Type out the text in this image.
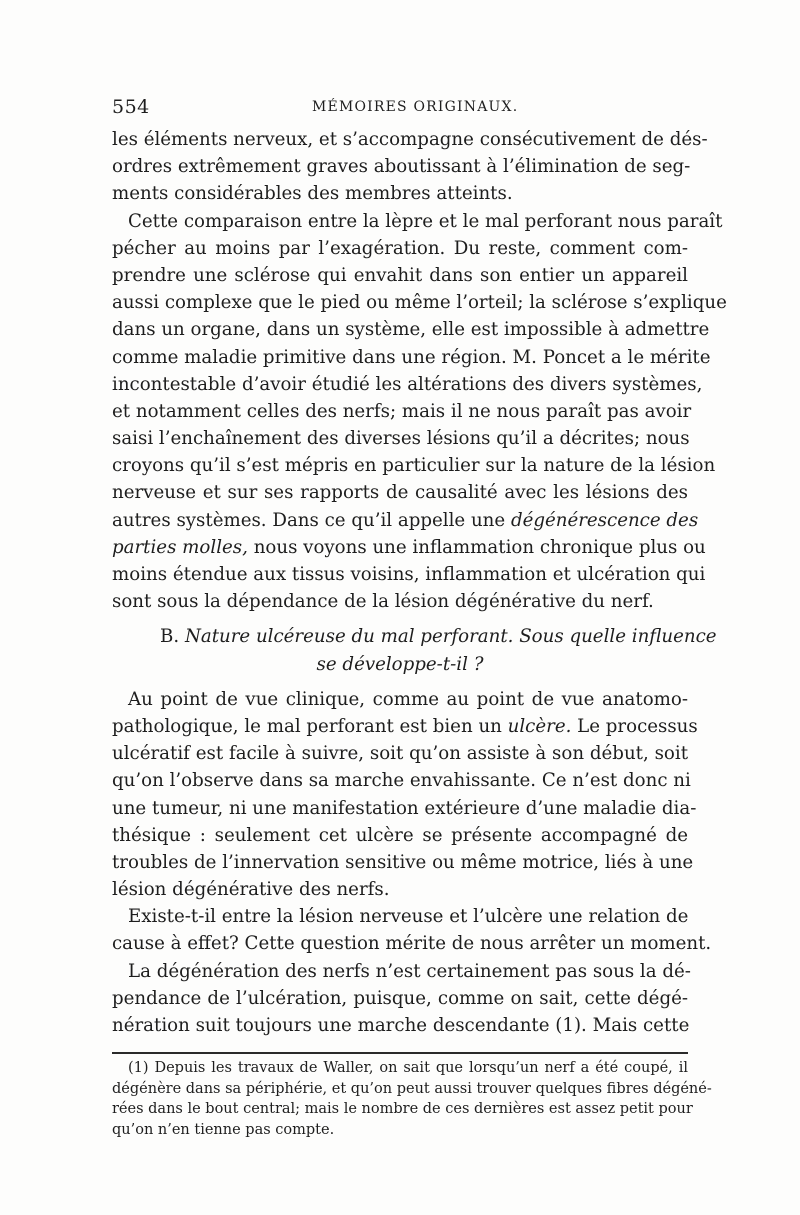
554	MÉMOIRES ORIGINAUX.
les éléments nerveux, et s’accompagne consécutivement de dés-
ordres extrêmement graves aboutissant à l’élimination de seg-
ments considérables des membres atteints.
Cette comparaison entre la lèpre et le mal perforant nous paraît
pécher au moins par l’exagération. Du reste, comment com-
prendre une sclérose qui envahit dans son entier un appareil
aussi complexe que le pied ou même l’orteil; la sclérose s’explique
dans un organe, dans un système, elle est impossible à admettre
comme maladie primitive dans une région. M. Poncet a le mérite
incontestable d’avoir étudié les altérations des divers systèmes,
et notamment celles des nerfs; mais il ne nous paraît pas avoir
saisi l’enchaînement des diverses lésions qu’il a décrites; nous
croyons qu’il s’est mépris en particulier sur la nature de la lésion
nerveuse et sur ses rapports de causalité avec les lésions des
autres systèmes. Dans ce qu’il appelle une dégénérescence des
parties molles, nous voyons une inflammation chronique plus ou
moins étendue aux tissus voisins, inflammation et ulcération qui
sont sous la dépendance de la lésion dégénérative du nerf.
B. Nature ulcéreuse du mal perforant. Sous quelle influence
se développe-t-il ?
Au point de vue clinique, comme au point de vue anatomo-
pathologique, le mal perforant est bien un ulcère. Le processus
ulcératif est facile à suivre, soit qu’on assiste à son début, soit
qu’on l’observe dans sa marche envahissante. Ce n’est donc ni
une tumeur, ni une manifestation extérieure d’une maladie dia-
thésique : seulement cet ulcère se présente accompagné de
troubles de l’innervation sensitive ou même motrice, liés à une
lésion dégénérative des nerfs.
Existe-t-il entre la lésion nerveuse et l’ulcère une relation de
cause à effet? Cette question mérite de nous arrêter un moment.
La dégénération des nerfs n’est certainement pas sous la dé-
pendance de l’ulcération, puisque, comme on sait, cette dégé-
nération suit toujours une marche descendante (1). Mais cette
(1) Depuis les travaux de Waller, on sait que lorsqu’un nerf a été coupé, il
dégénère dans sa périphérie, et qu’on peut aussi trouver quelques fibres dégéné-
rées dans le bout central; mais le nombre de ces dernières est assez petit pour
qu’on n’en tienne pas compte.
